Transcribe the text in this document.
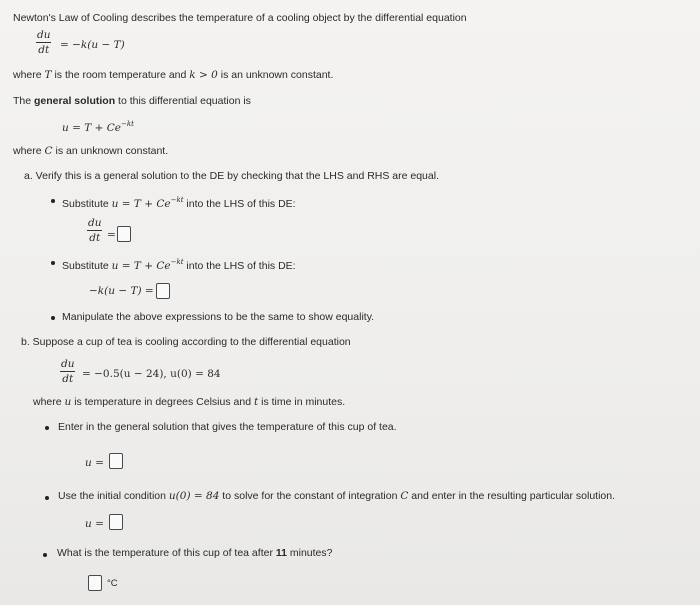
Newton's Law of Cooling describes the temperature of a cooling object by the differential equation
du
dt = −k(u − T)
where T is the room temperature and k > 0 is an unknown constant.
The general solution to this differential equation is
$u = T + Ce^{-kt}$
where C is an unknown constant.
a. Verify this is a general solution to the DE by checking that the LHS and RHS are equal.
Substitute $u = T + Ce^{-kt}$ into the LHS of this DE:
du
dt =
Substitute $u = T + Ce^{-kt}$ into the LHS of this DE:
−k(u − T) =
Manipulate the above expressions to be the same to show equality.
b. Suppose a cup of tea is cooling according to the differential equation
du
dt = −0.5(u − 24), u(0) = 84
where u is temperature in degrees Celsius and t is time in minutes.
Enter in the general solution that gives the temperature of this cup of tea.
u =
Use the initial condition u(0) = 84 to solve for the constant of integration C and enter in the resulting particular solution.
u =
What is the temperature of this cup of tea after 11 minutes?
°C
